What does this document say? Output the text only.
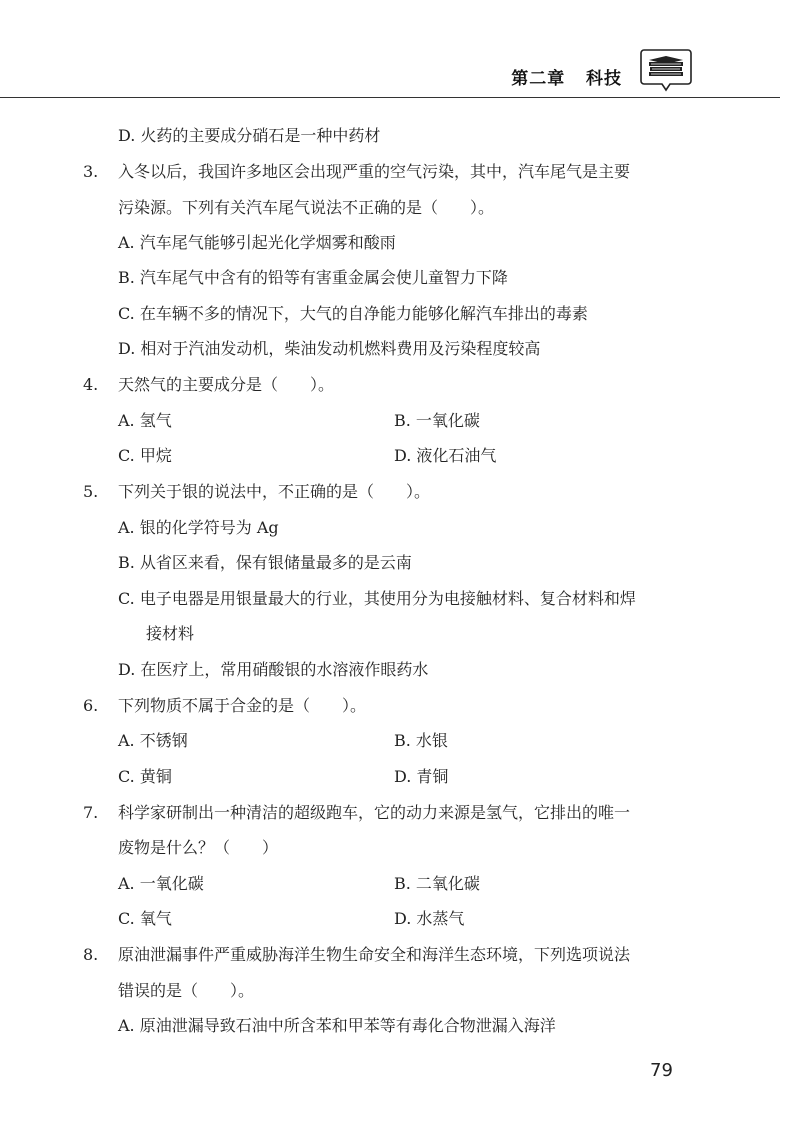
第二章   科技
D. 火药的主要成分硝石是一种中药材
3. 入冬以后，我国许多地区会出现严重的空气污染，其中，汽车尾气是主要
污染源。下列有关汽车尾气说法不正确的是（　　）。
A. 汽车尾气能够引起光化学烟雾和酸雨
B. 汽车尾气中含有的铅等有害重金属会使儿童智力下降
C. 在车辆不多的情况下，大气的自净能力能够化解汽车排出的毒素
D. 相对于汽油发动机，柴油发动机燃料费用及污染程度较高
4. 天然气的主要成分是（　　）。
A. 氢气	B. 一氧化碳
C. 甲烷	D. 液化石油气
5. 下列关于银的说法中，不正确的是（　　）。
A. 银的化学符号为 Ag
B. 从省区来看，保有银储量最多的是云南
C. 电子电器是用银量最大的行业，其使用分为电接触材料、复合材料和焊
接材料
D. 在医疗上，常用硝酸银的水溶液作眼药水
6. 下列物质不属于合金的是（　　）。
A. 不锈钢	B. 水银
C. 黄铜	D. 青铜
7. 科学家研制出一种清洁的超级跑车，它的动力来源是氢气，它排出的唯一
废物是什么？（　　）
A. 一氧化碳	B. 二氧化碳
C. 氧气	D. 水蒸气
8. 原油泄漏事件严重威胁海洋生物生命安全和海洋生态环境，下列选项说法
错误的是（　　）。
A. 原油泄漏导致石油中所含苯和甲苯等有毒化合物泄漏入海洋
79
